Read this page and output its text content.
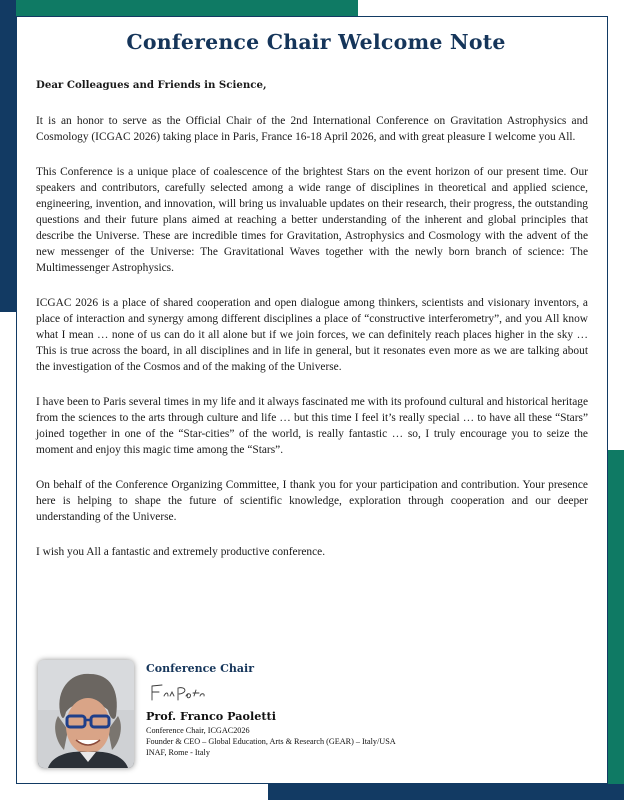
Conference Chair Welcome Note

Dear Colleagues and Friends in Science,

It is an honor to serve as the Official Chair of the 2nd International Conference on Gravitation Astrophysics and Cosmology (ICGAC 2026) taking place in Paris, France 16-18 April 2026, and with great pleasure I welcome you All.

This Conference is a unique place of coalescence of the brightest Stars on the event horizon of our present time. Our speakers and contributors, carefully selected among a wide range of disciplines in theoretical and applied science, engineering, invention, and innovation, will bring us invaluable updates on their research, their progress, the outstanding questions and their future plans aimed at reaching a better understanding of the inherent and global principles that describe the Universe. These are incredible times for Gravitation, Astrophysics and Cosmology with the advent of the new messenger of the Universe: The Gravitational Waves together with the newly born branch of science: The Multimessenger Astrophysics.

ICGAC 2026 is a place of shared cooperation and open dialogue among thinkers, scientists and visionary inventors, a place of interaction and synergy among different disciplines a place of “constructive interferometry”, and you All know what I mean … none of us can do it all alone but if we join forces, we can definitely reach places higher in the sky … This is true across the board, in all disciplines and in life in general, but it resonates even more as we are talking about the investigation of the Cosmos and of the making of the Universe.

I have been to Paris several times in my life and it always fascinated me with its profound cultural and historical heritage from the sciences to the arts through culture and life … but this time I feel it’s really special … to have all these “Stars” joined together in one of the “Star-cities” of the world, is really fantastic … so, I truly encourage you to seize the moment and enjoy this magic time among the “Stars”.

On behalf of the Conference Organizing Committee, I thank you for your participation and contribution. Your presence here is helping to shape the future of scientific knowledge, exploration through cooperation and our deeper understanding of the Universe.

I wish you All a fantastic and extremely productive conference.

Conference Chair
Prof. Franco Paoletti
Conference Chair, ICGAC2026
Founder & CEO – Global Education, Arts & Research (GEAR) – Italy/USA
INAF, Rome - Italy
